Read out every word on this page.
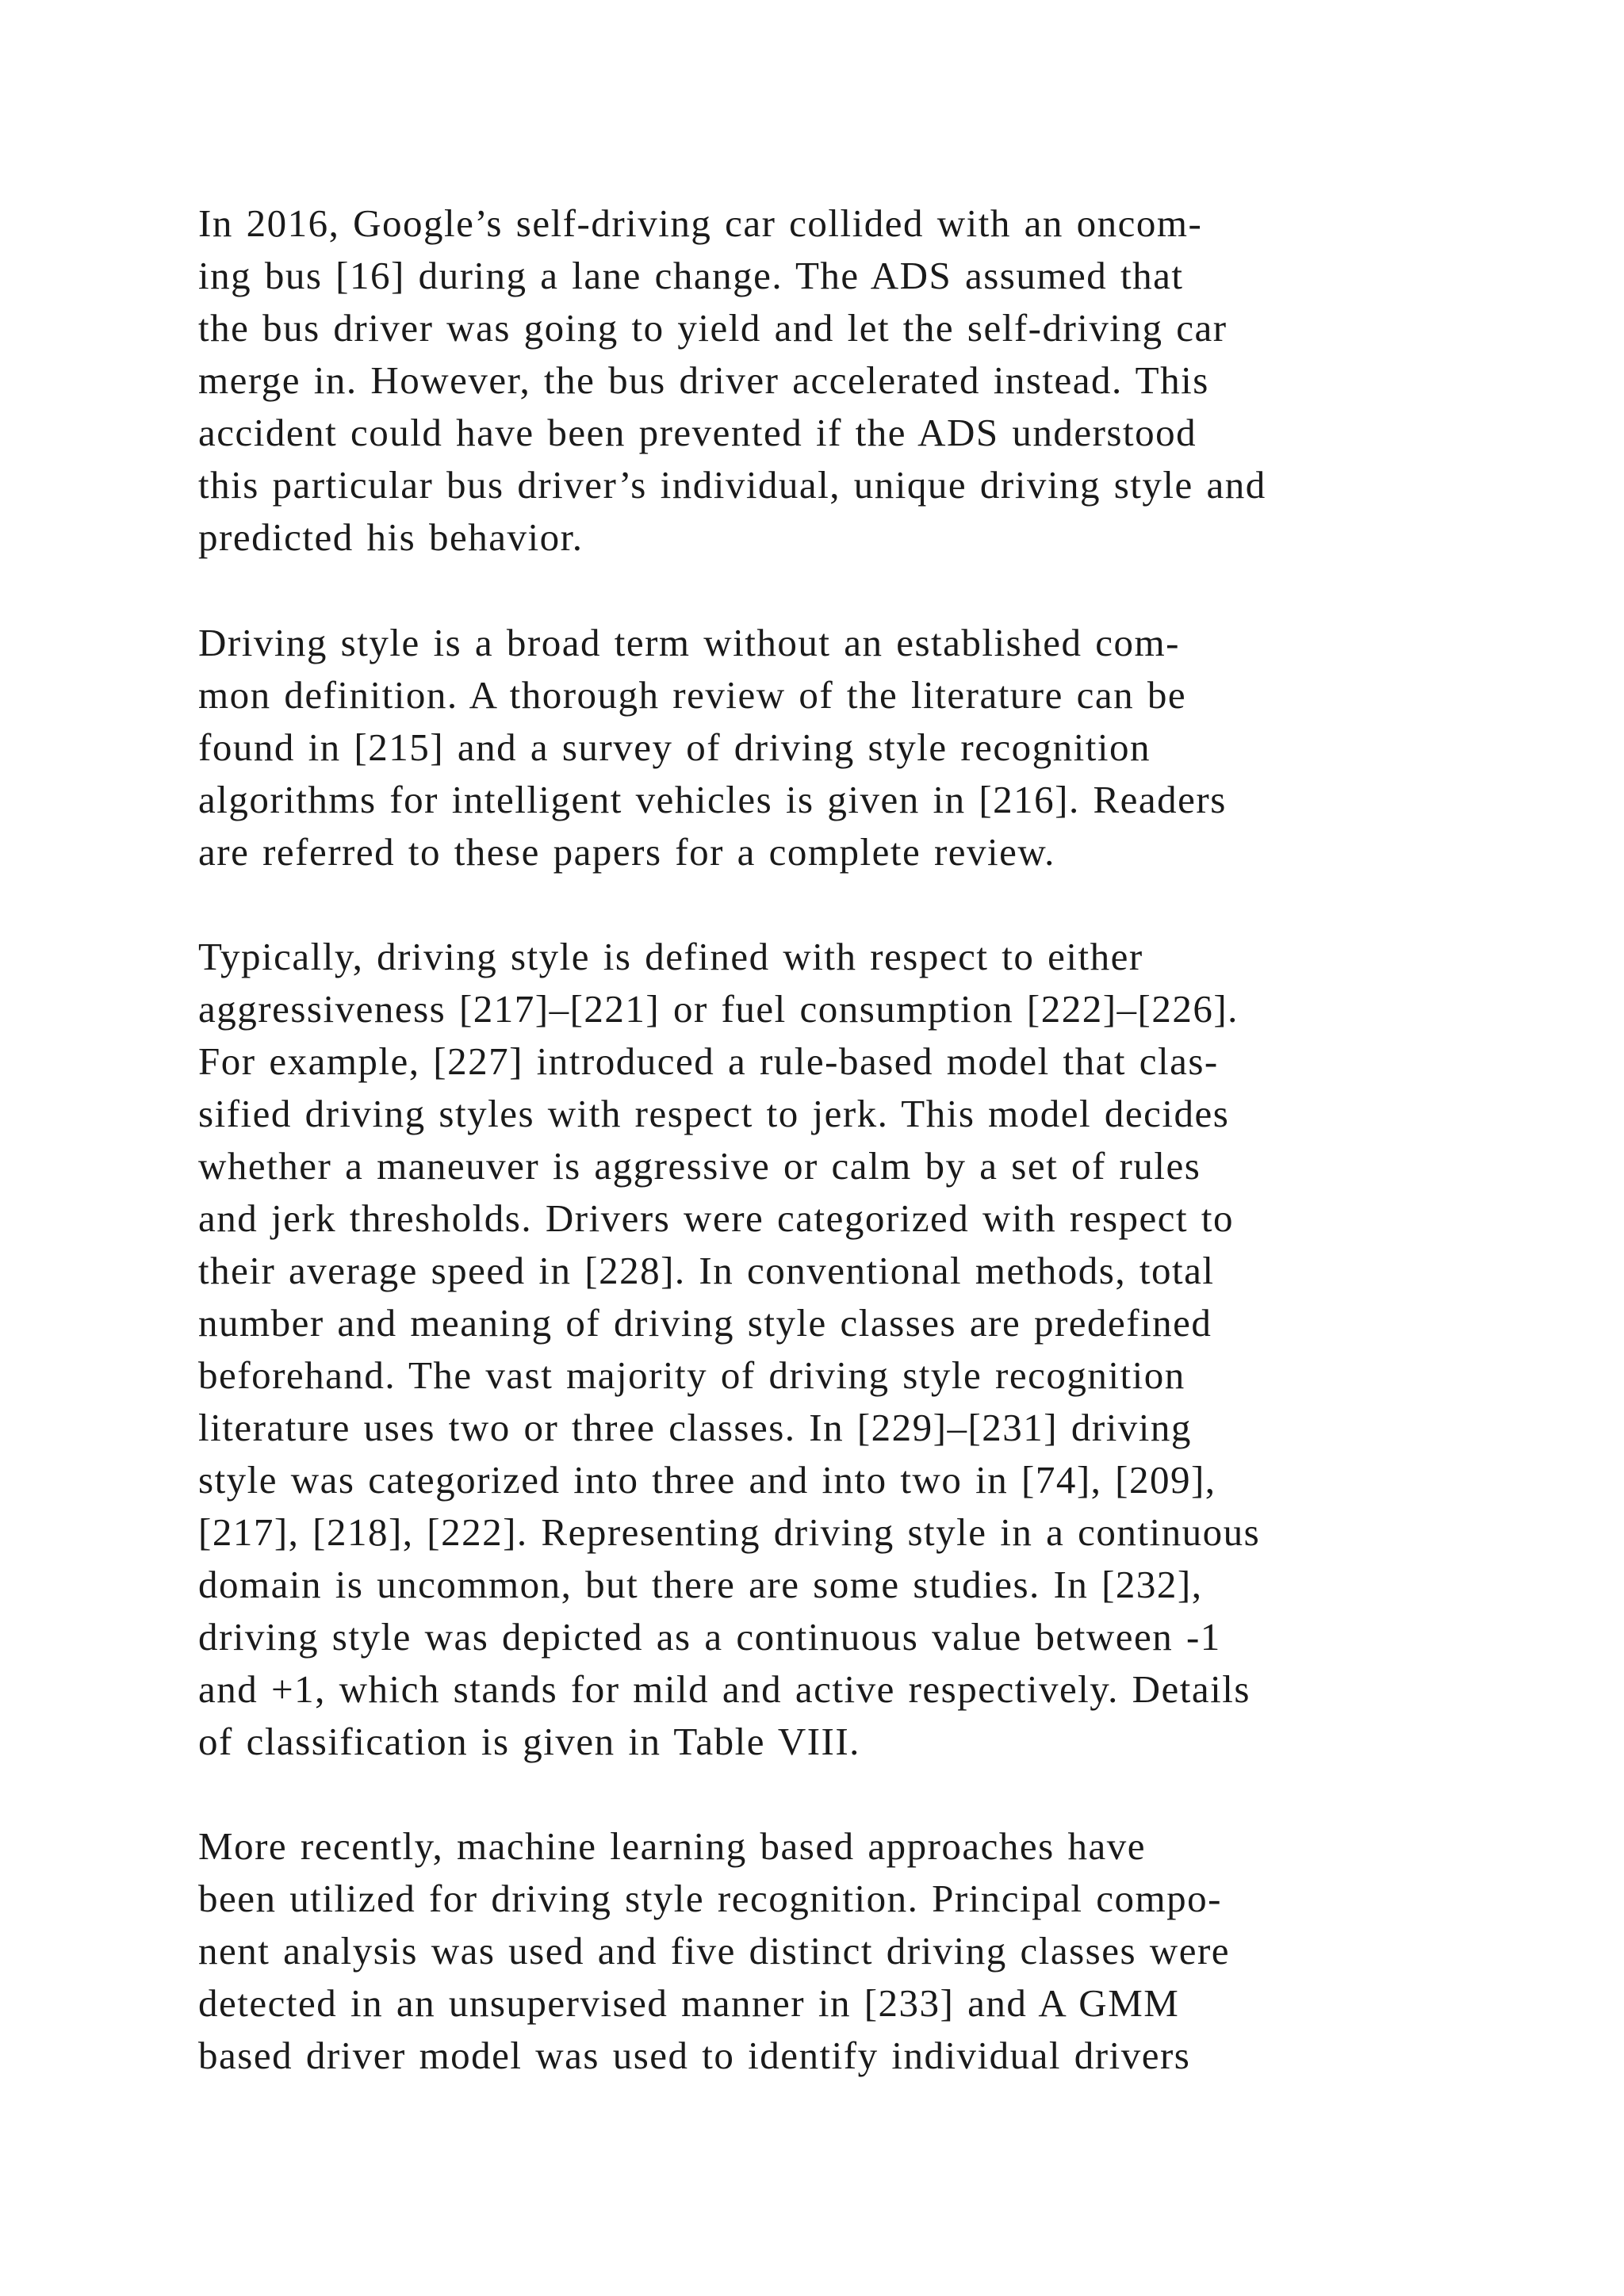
In 2016, Google’s self-driving car collided with an oncom-
ing bus [16] during a lane change. The ADS assumed that
the bus driver was going to yield and let the self-driving car
merge in. However, the bus driver accelerated instead. This
accident could have been prevented if the ADS understood
this particular bus driver’s individual, unique driving style and
predicted his behavior.
Driving style is a broad term without an established com-
mon definition. A thorough review of the literature can be
found in [215] and a survey of driving style recognition
algorithms for intelligent vehicles is given in [216]. Readers
are referred to these papers for a complete review.
Typically, driving style is defined with respect to either
aggressiveness [217]–[221] or fuel consumption [222]–[226].
For example, [227] introduced a rule-based model that clas-
sified driving styles with respect to jerk. This model decides
whether a maneuver is aggressive or calm by a set of rules
and jerk thresholds. Drivers were categorized with respect to
their average speed in [228]. In conventional methods, total
number and meaning of driving style classes are predefined
beforehand. The vast majority of driving style recognition
literature uses two or three classes. In [229]–[231] driving
style was categorized into three and into two in [74], [209],
[217], [218], [222]. Representing driving style in a continuous
domain is uncommon, but there are some studies. In [232],
driving style was depicted as a continuous value between -1
and +1, which stands for mild and active respectively. Details
of classification is given in Table VIII.
More recently, machine learning based approaches have
been utilized for driving style recognition. Principal compo-
nent analysis was used and five distinct driving classes were
detected in an unsupervised manner in [233] and A GMM
based driver model was used to identify individual drivers
